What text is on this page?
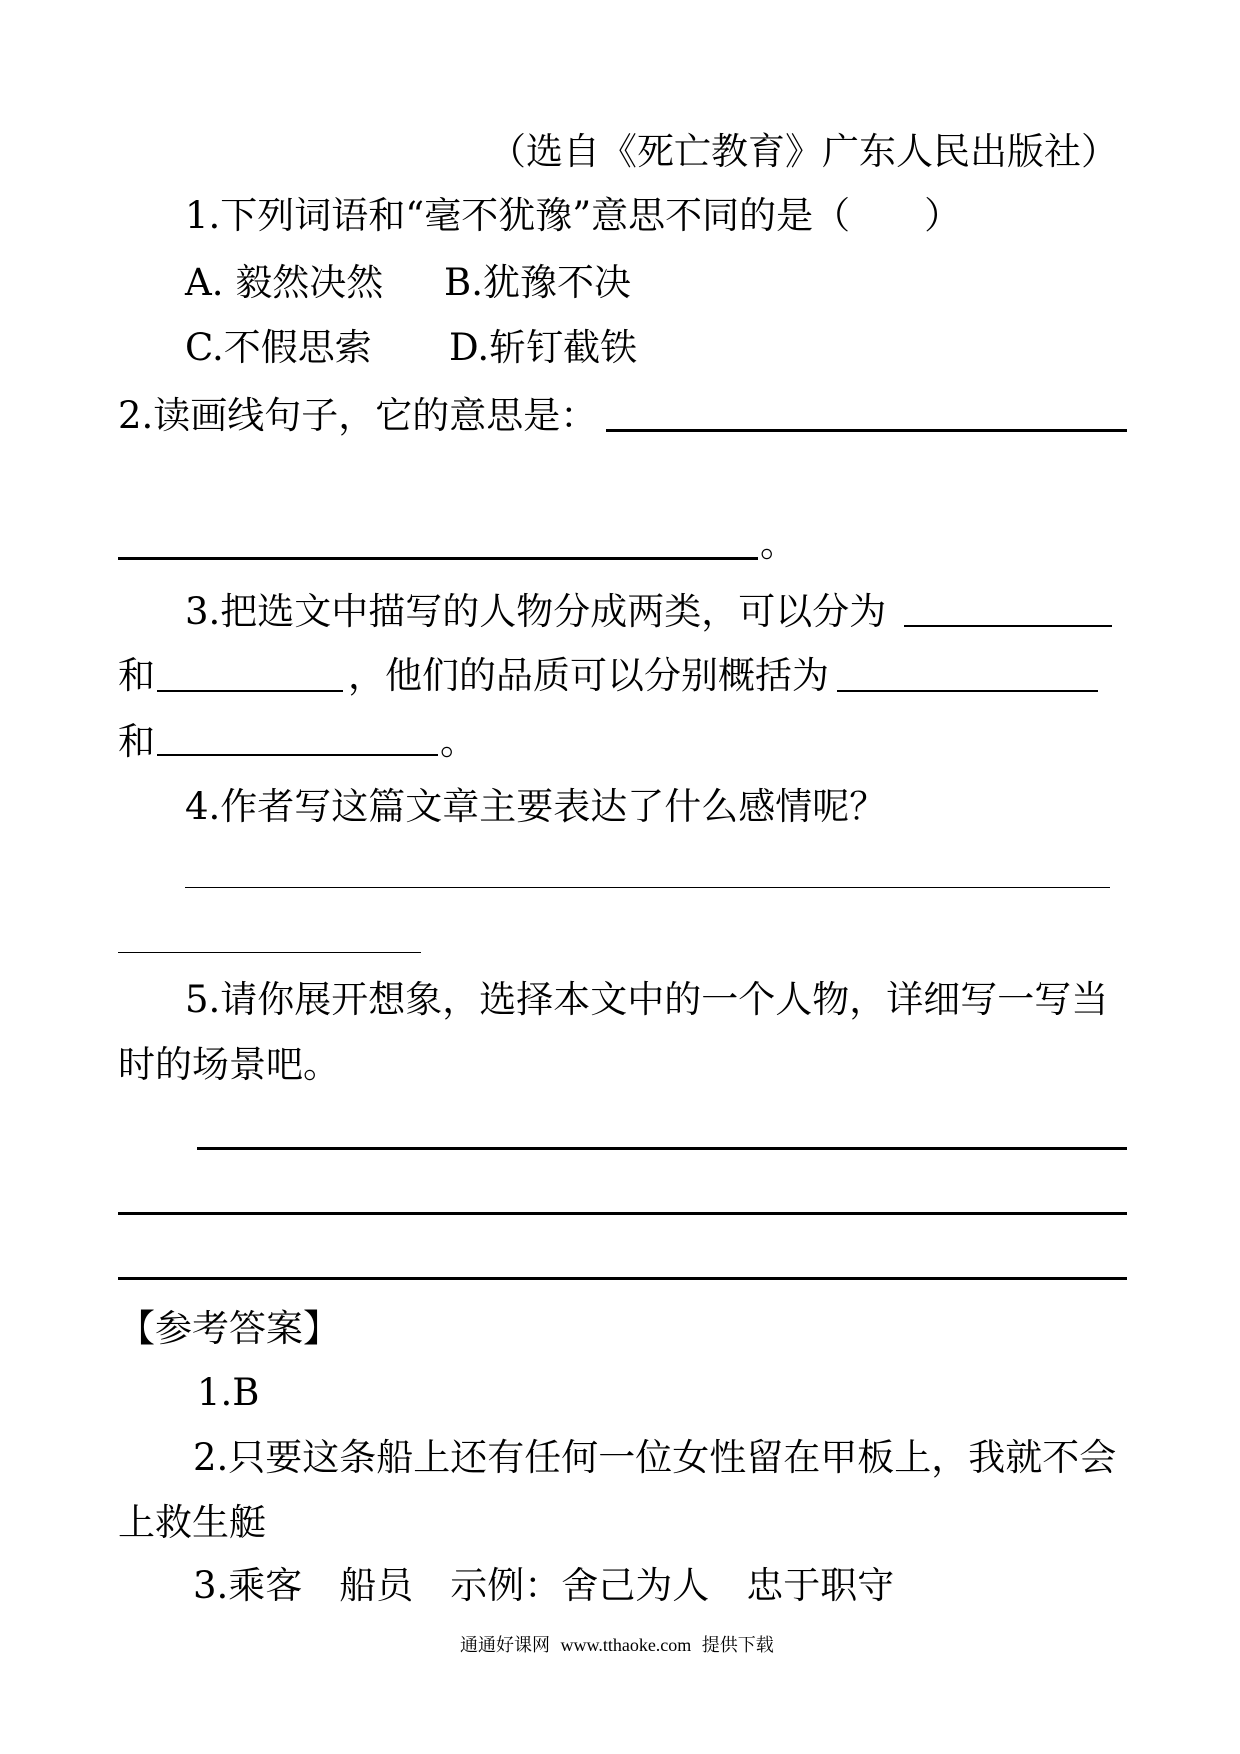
（选自《死亡教育》广东人民出版社）
1.下列词语和“毫不犹豫”意思不同的是（　　）
A. 毅然决然 B.犹豫不决
C.不假思索 D.斩钉截铁
2.读画线句子，它的意思是：
。
3.把选文中描写的人物分成两类，可以分为
和	，他们的品质可以分别概括为
和	。
4.作者写这篇文章主要表达了什么感情呢？
5.请你展开想象，选择本文中的一个人物，详细写一写当
时的场景吧。
【参考答案】
1.B
2.只要这条船上还有任何一位女性留在甲板上，我就不会
上救生艇
3.乘客　船员　示例：舍己为人　忠于职守
通通好课网 www.tthaoke.com 提供下载
